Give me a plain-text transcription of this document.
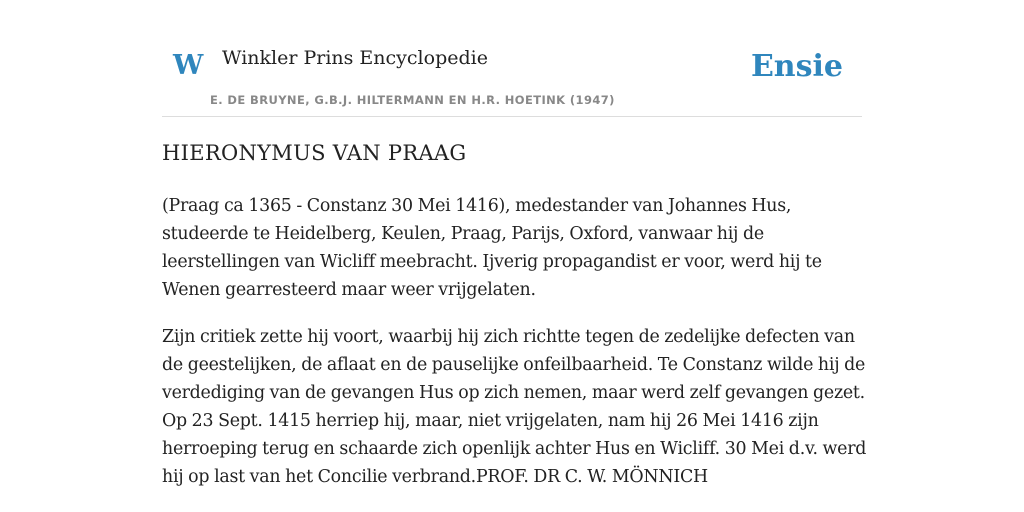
W Winkler Prins Encyclopedie
E. DE BRUYNE, G.B.J. HILTERMANN EN H.R. HOETINK (1947)
Ensie
HIERONYMUS VAN PRAAG

(Praag ca 1365 - Constanz 30 Mei 1416), medestander van Johannes Hus, studeerde te Heidelberg, Keulen, Praag, Parijs, Oxford, vanwaar hij de leerstellingen van Wicliff meebracht. Ijverig propagandist er voor, werd hij te Wenen gearresteerd maar weer vrijgelaten.

Zijn critiek zette hij voort, waarbij hij zich richtte tegen de zedelijke defecten van de geestelijken, de aflaat en de pauselijke onfeilbaarheid. Te Constanz wilde hij de verdediging van de gevangen Hus op zich nemen, maar werd zelf gevangen gezet. Op 23 Sept. 1415 herriep hij, maar, niet vrijgelaten, nam hij 26 Mei 1416 zijn herroeping terug en schaarde zich openlijk achter Hus en Wicliff. 30 Mei d.v. werd hij op last van het Concilie verbrand.PROF. DR C. W. MÖNNICH
